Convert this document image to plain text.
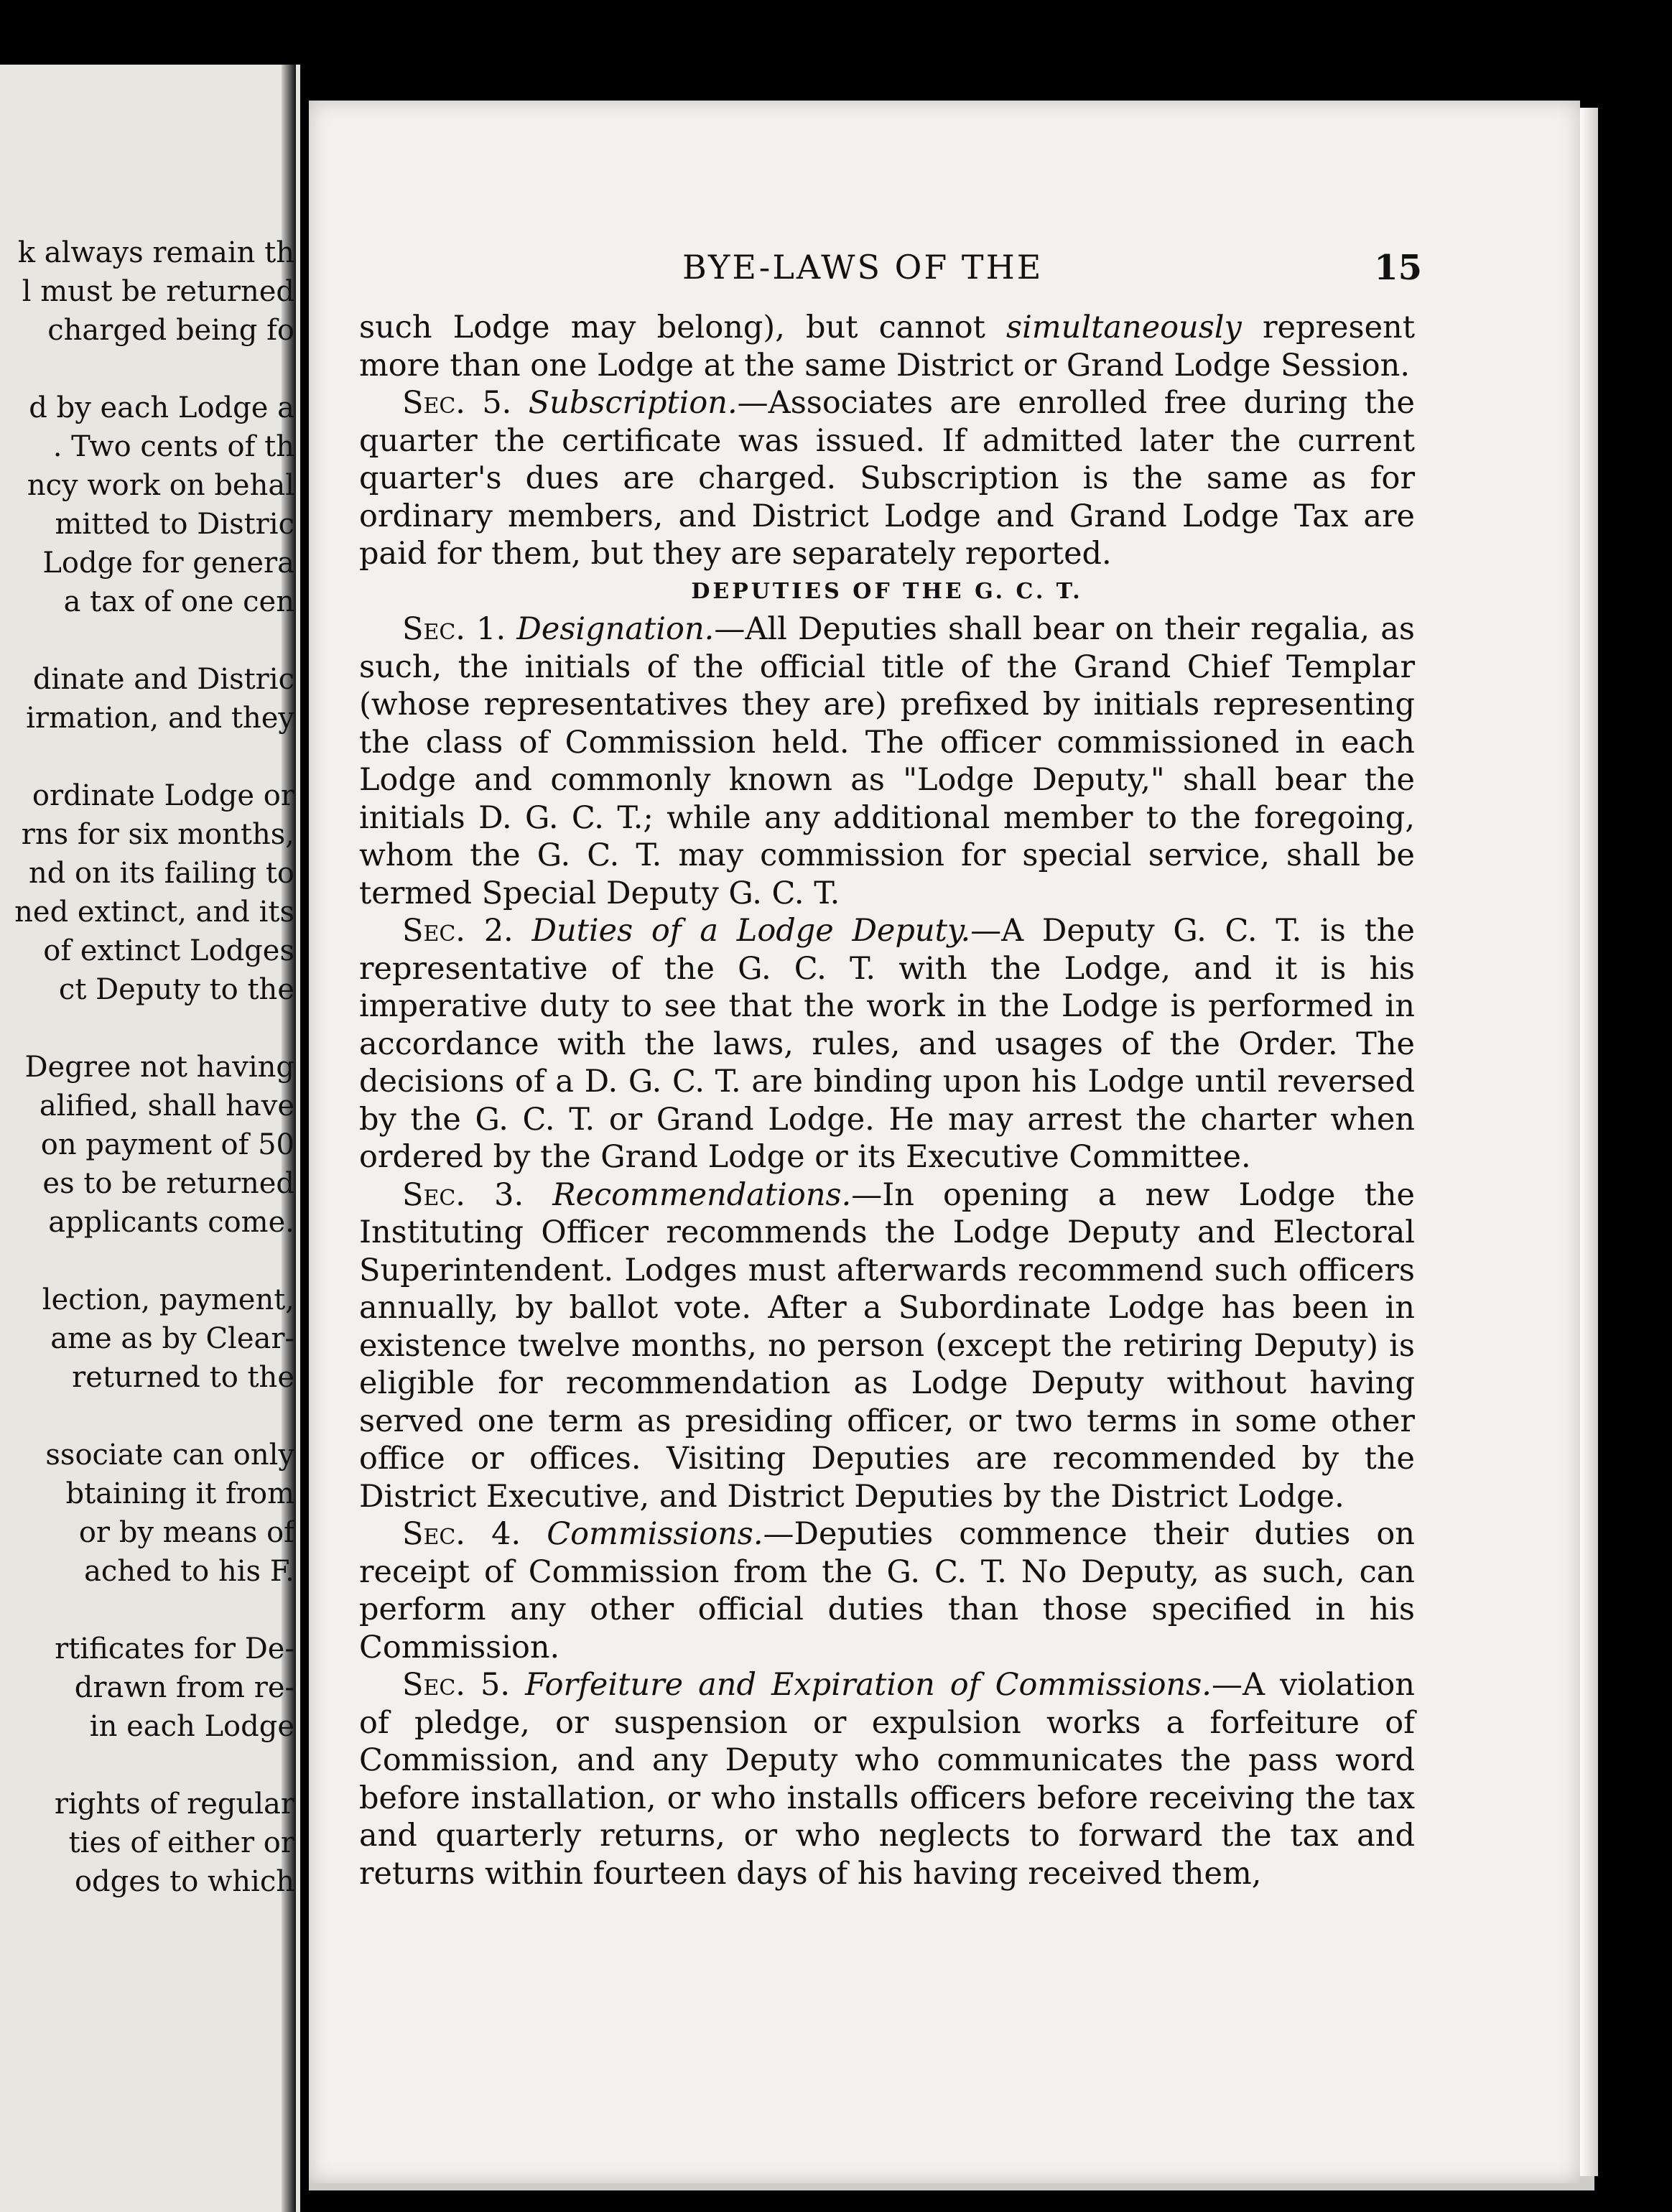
k always remain th
l must be returned
charged being fo
d by each Lodge a
. Two cents of th
ncy work on behal
mitted to Distric
Lodge for genera
a tax of one cen
dinate and Distric
irmation, and they
ordinate Lodge or
rns for six months,
nd on its failing to
ned extinct, and its
of extinct Lodges
ct Deputy to the
Degree not having
alified, shall have
on payment of 50
es to be returned
applicants come.
lection, payment,
ame as by Clear-
returned to the
ssociate can only
btaining it from
or by means of
ached to his F.
rtificates for De-
drawn from re-
in each Lodge
rights of regular
ties of either or
odges to which
BYE-LAWS OF THE	15

such Lodge may belong), but cannot simultaneously represent more than one Lodge at the same District or Grand Lodge Session.

Sec. 5. Subscription.—Associates are enrolled free during the quarter the certificate was issued. If admitted later the current quarter's dues are charged. Subscription is the same as for ordinary members, and District Lodge and Grand Lodge Tax are paid for them, but they are separately reported.

DEPUTIES OF THE G. C. T.

Sec. 1. Designation.—All Deputies shall bear on their regalia, as such, the initials of the official title of the Grand Chief Templar (whose representatives they are) prefixed by initials representing the class of Commission held. The officer commissioned in each Lodge and commonly known as "Lodge Deputy," shall bear the initials D. G. C. T.; while any additional member to the foregoing, whom the G. C. T. may commission for special service, shall be termed Special Deputy G. C. T.

Sec. 2. Duties of a Lodge Deputy.—A Deputy G. C. T. is the representative of the G. C. T. with the Lodge, and it is his imperative duty to see that the work in the Lodge is performed in accordance with the laws, rules, and usages of the Order. The decisions of a D. G. C. T. are binding upon his Lodge until reversed by the G. C. T. or Grand Lodge. He may arrest the charter when ordered by the Grand Lodge or its Executive Committee.

Sec. 3. Recommendations.—In opening a new Lodge the Instituting Officer recommends the Lodge Deputy and Electoral Superintendent. Lodges must afterwards recommend such officers annually, by ballot vote. After a Subordinate Lodge has been in existence twelve months, no person (except the retiring Deputy) is eligible for recommendation as Lodge Deputy without having served one term as presiding officer, or two terms in some other office or offices. Visiting Deputies are recommended by the District Executive, and District Deputies by the District Lodge.

Sec. 4. Commissions.—Deputies commence their duties on receipt of Commission from the G. C. T. No Deputy, as such, can perform any other official duties than those specified in his Commission.

Sec. 5. Forfeiture and Expiration of Commissions.—A violation of pledge, or suspension or expulsion works a forfeiture of Commission, and any Deputy who communicates the pass word before installation, or who installs officers before receiving the tax and quarterly returns, or who neglects to forward the tax and returns within fourteen days of his having received them,
